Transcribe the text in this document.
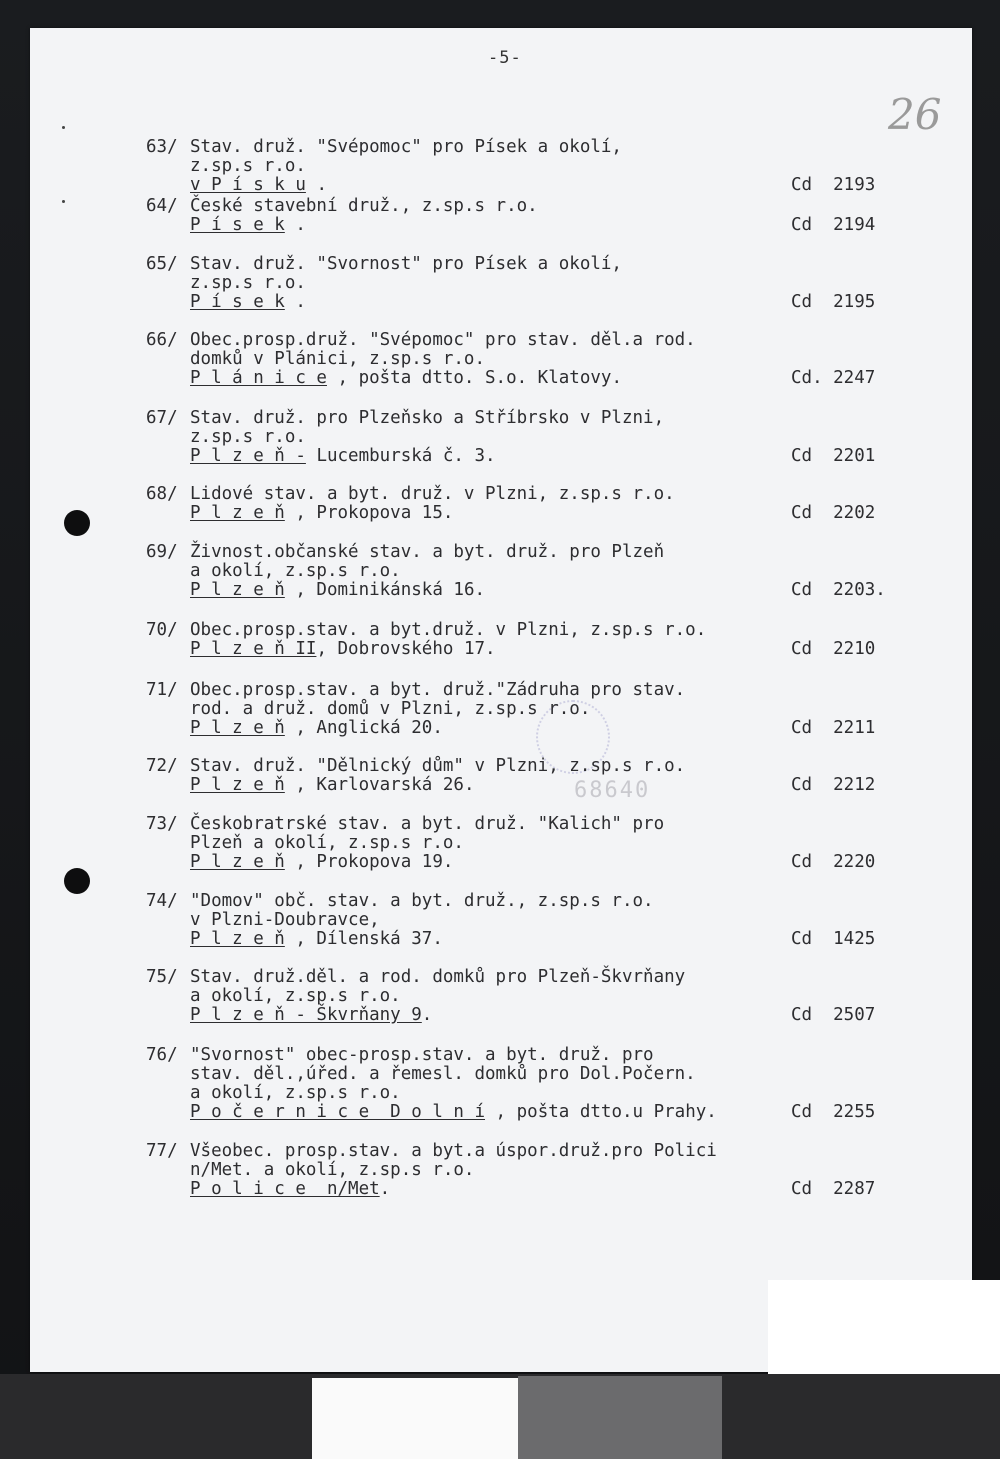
-5-
26
68640
63/ Stav. druž. "Svépomoc" pro Písek a okolí,
z.sp.s r.o.
v P í s k u .	Cd  2193
64/ České stavební druž., z.sp.s r.o.
P í s e k .	Cd  2194
65/ Stav. druž. "Svornost" pro Písek a okolí,
z.sp.s r.o.
P í s e k .	Cd  2195
66/ Obec.prosp.druž. "Svépomoc" pro stav. děl.a rod.
domků v Plánici, z.sp.s r.o.
P l á n i c e , pošta dtto. S.o. Klatovy.	Cd. 2247
67/ Stav. druž. pro Plzeňsko a Stříbrsko v Plzni,
z.sp.s r.o.
P l z e ň - Lucemburská č. 3.	Cd  2201
68/ Lidové stav. a byt. druž. v Plzni, z.sp.s r.o.
P l z e ň , Prokopova 15.	Cd  2202
69/ Živnost.občanské stav. a byt. druž. pro Plzeň
a okolí, z.sp.s r.o.
P l z e ň , Dominikánská 16.	Cd  2203.
70/ Obec.prosp.stav. a byt.druž. v Plzni, z.sp.s r.o.
P l z e ň II, Dobrovského 17.	Cd  2210
71/ Obec.prosp.stav. a byt. druž."Zádruha pro stav.
rod. a druž. domů v Plzni, z.sp.s r.o.
P l z e ň , Anglická 20.	Cd  2211
72/ Stav. druž. "Dělnický dům" v Plzni, z.sp.s r.o.
P l z e ň , Karlovarská 26.	Cd  2212
73/ Českobratrské stav. a byt. druž. "Kalich" pro
Plzeň a okolí, z.sp.s r.o.
P l z e ň , Prokopova 19.	Cd  2220
74/ "Domov" obč. stav. a byt. druž., z.sp.s r.o.
v Plzni-Doubravce,
P l z e ň , Dílenská 37.	Cd  1425
75/ Stav. druž.děl. a rod. domků pro Plzeň-Škvrňany
a okolí, z.sp.s r.o.
P l z e ň - Škvrňany 9.	Cd  2507
76/ "Svornost" obec-prosp.stav. a byt. druž. pro
stav. děl.,úřed. a řemesl. domků pro Dol.Počern.
a okolí, z.sp.s r.o.
P o č e r n i c e  D o l n í , pošta dtto.u Prahy.	Cd  2255
77/ Všeobec. prosp.stav. a byt.a úspor.druž.pro Polici
n/Met. a okolí, z.sp.s r.o.
P o l i c e  n/Met.	Cd  2287
